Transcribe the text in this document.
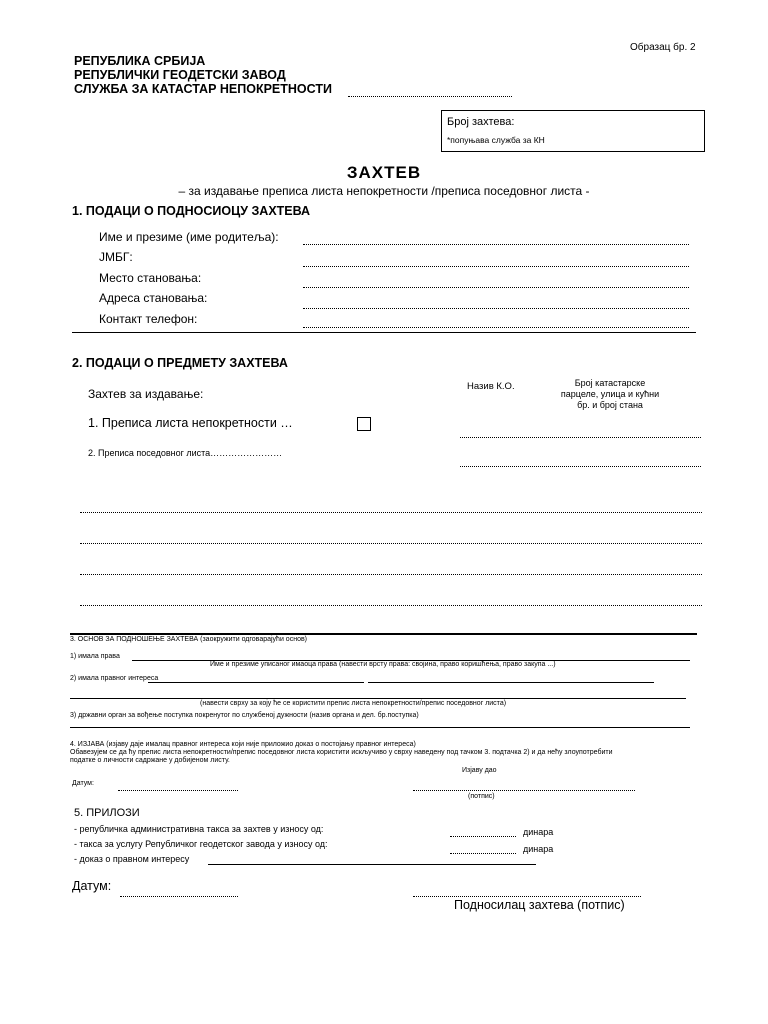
Образац бр. 2
РЕПУБЛИКА СРБИЈА
РЕПУБЛИЧКИ ГЕОДЕТСКИ ЗАВОД
СЛУЖБА ЗА КАТАСТАР НЕПОКРЕТНОСТИ
Број захтева:
*попуњава служба за КН
ЗАХТЕВ
– за издавање преписа листа непокретности /преписа поседовног листа -
1. ПОДАЦИ О ПОДНОСИОЦУ ЗАХТЕВА
Име и презиме (име родитеља):
ЈМБГ:
Место становања:
Адреса становања:
Контакт телефон:
2. ПОДАЦИ О ПРЕДМЕТУ ЗАХТЕВА
Захтев за издавање:
Назив К.О.	Број катастарске
парцеле, улица и кућни
бр. и број стана
1. Преписа листа непокретности …
2. Преписа поседовног листа……………………
3. ОСНОВ ЗА ПОДНОШЕЊЕ ЗАХТЕВА (заокружити одговарајући основ)
1) имала прaвa
Име и презиме уписаног имаоца права (навести врсту права: својина, право коришћења, право закупа ...)
2) имала правног интереса
(навести сврху за коју ће се користити препис листа непокретности/препис поседовног листа)
3) државни орган за вођење поступка покренутог по службеној дужности (назив органа и дел. бр.поступка)
4. ИЗЈАВА (изјаву даје ималац правног интереса који није приложио доказ о постојању правног интереса)
Обавезујем се да ћу препис листа непокретности/препис поседовног листа користити искључиво у сврху наведену под тачком 3. подтачка 2) и да нећу злоупотребити
податке о личности садржане у добијеном листу.
Изјаву дао
Датум:
(потпис)
5. ПРИЛОЗИ
- републичка административна такса за захтев у износу од:	динара
- такса за услугу Републичког геодетског завода у износу од:	динара
- доказ о правном интересу
Датум:
Подносилац захтева (потпис)
